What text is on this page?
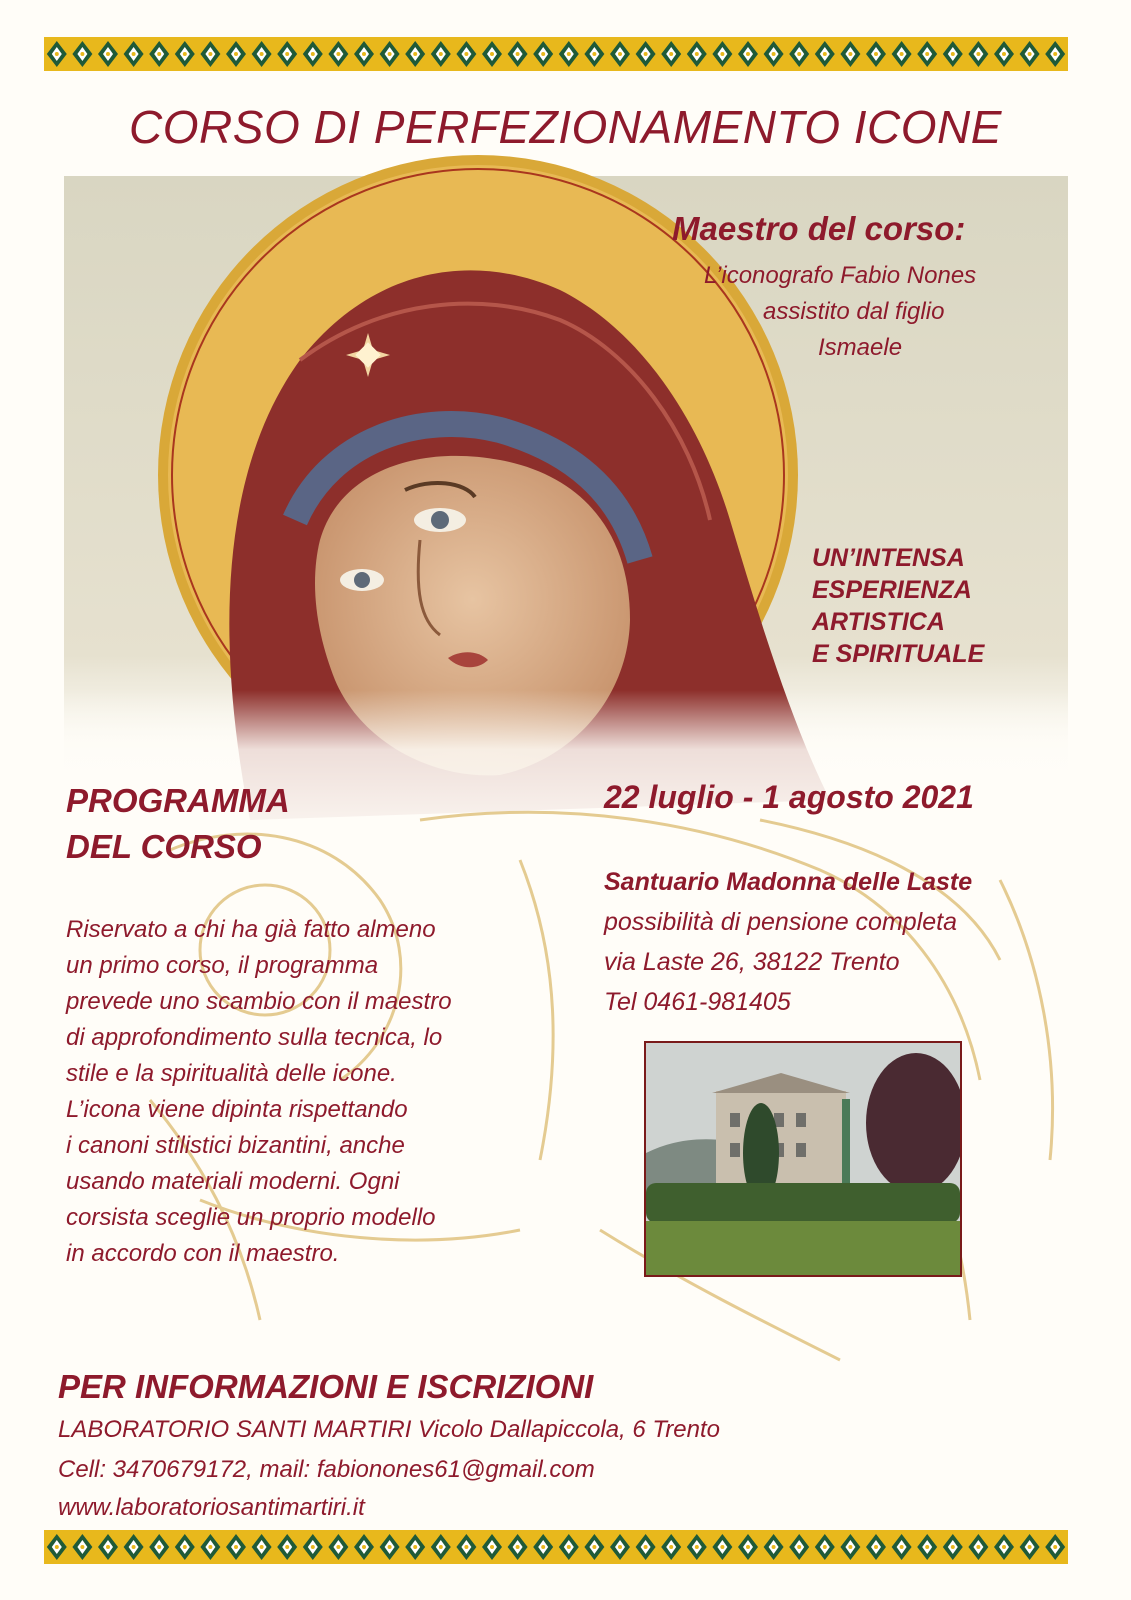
CORSO DI PERFEZIONAMENTO ICONE

Maestro del corso:

L’iconografo Fabio Nones

assistito dal figlio

Ismaele

UN’INTENSA
ESPERIENZA
ARTISTICA
E SPIRITUALE
PROGRAMMA
DEL CORSO
Riservato a chi ha già fatto almeno
un primo corso, il programma
prevede uno scambio con il maestro
di approfondimento sulla tecnica, lo
stile e la spiritualità delle icone.
L’icona viene dipinta rispettando
i canoni stilistici bizantini, anche
usando materiali moderni. Ogni
corsista sceglie un proprio modello
in accordo con il maestro.

22 luglio - 1 agosto 2021

Santuario Madonna delle Laste

possibilità di pensione completa

via Laste 26, 38122 Trento

Tel 0461-981405

PER INFORMAZIONI E ISCRIZIONI

LABORATORIO SANTI MARTIRI Vicolo Dallapiccola, 6 Trento

Cell: 3470679172, mail: fabionones61@gmail.com

www.laboratoriosantimartiri.it
